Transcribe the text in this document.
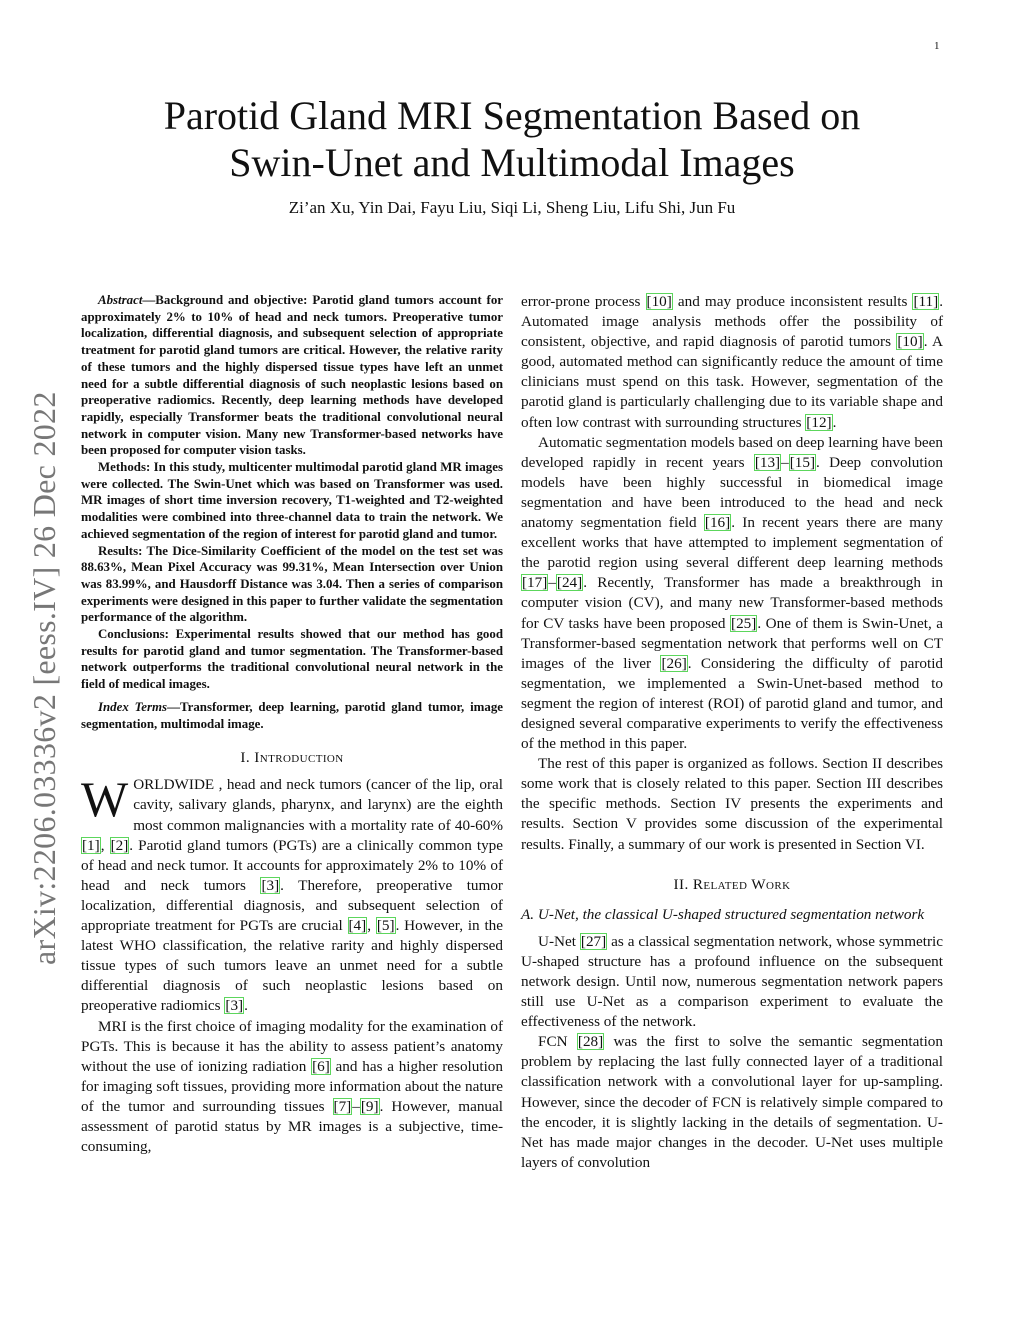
1
arXiv:2206.03336v2 [eess.IV] 26 Dec 2022
Parotid Gland MRI Segmentation Based on
Swin-Unet and Multimodal Images
Zi’an Xu, Yin Dai, Fayu Liu, Siqi Li, Sheng Liu, Lifu Shi, Jun Fu

Abstract—Background and objective: Parotid gland tumors account for approximately 2% to 10% of head and neck tumors. Preoperative tumor localization, differential diagnosis, and subsequent selection of appropriate treatment for parotid gland tumors are critical. However, the relative rarity of these tumors and the highly dispersed tissue types have left an unmet need for a subtle differential diagnosis of such neoplastic lesions based on preoperative radiomics. Recently, deep learning methods have developed rapidly, especially Transformer beats the traditional convolutional neural network in computer vision. Many new Transformer-based networks have been proposed for computer vision tasks.

Methods: In this study, multicenter multimodal parotid gland MR images were collected. The Swin-Unet which was based on Transformer was used. MR images of short time inversion recovery, T1-weighted and T2-weighted modalities were combined into three-channel data to train the network. We achieved segmentation of the region of interest for parotid gland and tumor.

Results: The Dice-Similarity Coefficient of the model on the test set was 88.63%, Mean Pixel Accuracy was 99.31%, Mean Intersection over Union was 83.99%, and Hausdorff Distance was 3.04. Then a series of comparison experiments were designed in this paper to further validate the segmentation performance of the algorithm.

Conclusions: Experimental results showed that our method has good results for parotid gland and tumor segmentation. The Transformer-based network outperforms the traditional convolutional neural network in the field of medical images.

Index Terms—Transformer, deep learning, parotid gland tumor, image segmentation, multimodal image.

I. Introduction

WORLDWIDE , head and neck tumors (cancer of the lip, oral cavity, salivary glands, pharynx, and larynx) are the eighth most common malignancies with a mortality rate of 40-60% [1], [2]. Parotid gland tumors (PGTs) are a clinically common type of head and neck tumor. It accounts for approximately 2% to 10% of head and neck tumors [3]. Therefore, preoperative tumor localization, differential diagnosis, and subsequent selection of appropriate treatment for PGTs are crucial [4], [5]. However, in the latest WHO classification, the relative rarity and highly dispersed tissue types of such tumors leave an unmet need for a subtle differential diagnosis of such neoplastic lesions based on preoperative radiomics [3].

MRI is the first choice of imaging modality for the examination of PGTs. This is because it has the ability to assess patient’s anatomy without the use of ionizing radiation [6] and has a higher resolution for imaging soft tissues, providing more information about the nature of the tumor and surrounding tissues [7]–[9]. However, manual assessment of parotid status by MR images is a subjective, time-consuming,

error-prone process [10] and may produce inconsistent results [11]. Automated image analysis methods offer the possibility of consistent, objective, and rapid diagnosis of parotid tumors [10]. A good, automated method can significantly reduce the amount of time clinicians must spend on this task. However, segmentation of the parotid gland is particularly challenging due to its variable shape and often low contrast with surrounding structures [12].

Automatic segmentation models based on deep learning have been developed rapidly in recent years [13]–[15]. Deep convolution models have been highly successful in biomedical image segmentation and have been introduced to the head and neck anatomy segmentation field [16]. In recent years there are many excellent works that have attempted to implement segmentation of the parotid region using several different deep learning methods [17]–[24]. Recently, Transformer has made a breakthrough in computer vision (CV), and many new Transformer-based methods for CV tasks have been proposed [25]. One of them is Swin-Unet, a Transformer-based segmentation network that performs well on CT images of the liver [26]. Considering the difficulty of parotid segmentation, we implemented a Swin-Unet-based method to segment the region of interest (ROI) of parotid gland and tumor, and designed several comparative experiments to verify the effectiveness of the method in this paper.

The rest of this paper is organized as follows. Section II describes some work that is closely related to this paper. Section III describes the specific methods. Section IV presents the experiments and results. Section V provides some discussion of the experimental results. Finally, a summary of our work is presented in Section VI.

II. Related Work

A. U-Net, the classical U-shaped structured segmentation network

U-Net [27] as a classical segmentation network, whose symmetric U-shaped structure has a profound influence on the subsequent network design. Until now, numerous segmentation network papers still use U-Net as a comparison experiment to evaluate the effectiveness of the network.

FCN [28] was the first to solve the semantic segmentation problem by replacing the last fully connected layer of a traditional classification network with a convolutional layer for up-sampling. However, since the decoder of FCN is relatively simple compared to the encoder, it is slightly lacking in the details of segmentation. U-Net has made major changes in the decoder. U-Net uses multiple layers of convolution
